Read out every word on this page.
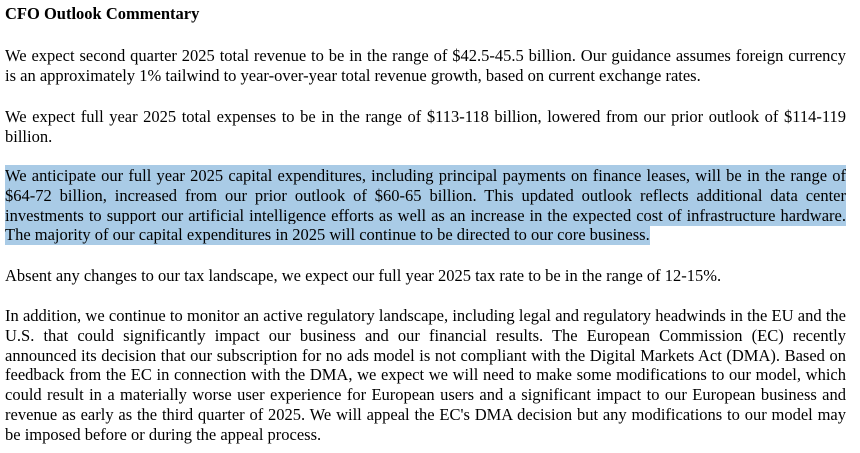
CFO Outlook Commentary

We expect second quarter 2025 total revenue to be in the range of $42.5-45.5 billion. Our guidance assumes foreign currency is an approximately 1% tailwind to year-over-year total revenue growth, based on current exchange rates.

We expect full year 2025 total expenses to be in the range of $113-118 billion, lowered from our prior outlook of $114-119 billion.

We anticipate our full year 2025 capital expenditures, including principal payments on finance leases, will be in the range of $64-72 billion, increased from our prior outlook of $60-65 billion. This updated outlook reflects additional data center investments to support our artificial intelligence efforts as well as an increase in the expected cost of infrastructure hardware. The majority of our capital expenditures in 2025 will continue to be directed to our core business.

Absent any changes to our tax landscape, we expect our full year 2025 tax rate to be in the range of 12-15%.

In addition, we continue to monitor an active regulatory landscape, including legal and regulatory headwinds in the EU and the U.S. that could significantly impact our business and our financial results. The European Commission (EC) recently announced its decision that our subscription for no ads model is not compliant with the Digital Markets Act (DMA). Based on feedback from the EC in connection with the DMA, we expect we will need to make some modifications to our model, which could result in a materially worse user experience for European users and a significant impact to our European business and revenue as early as the third quarter of 2025. We will appeal the EC's DMA decision but any modifications to our model may be imposed before or during the appeal process.
